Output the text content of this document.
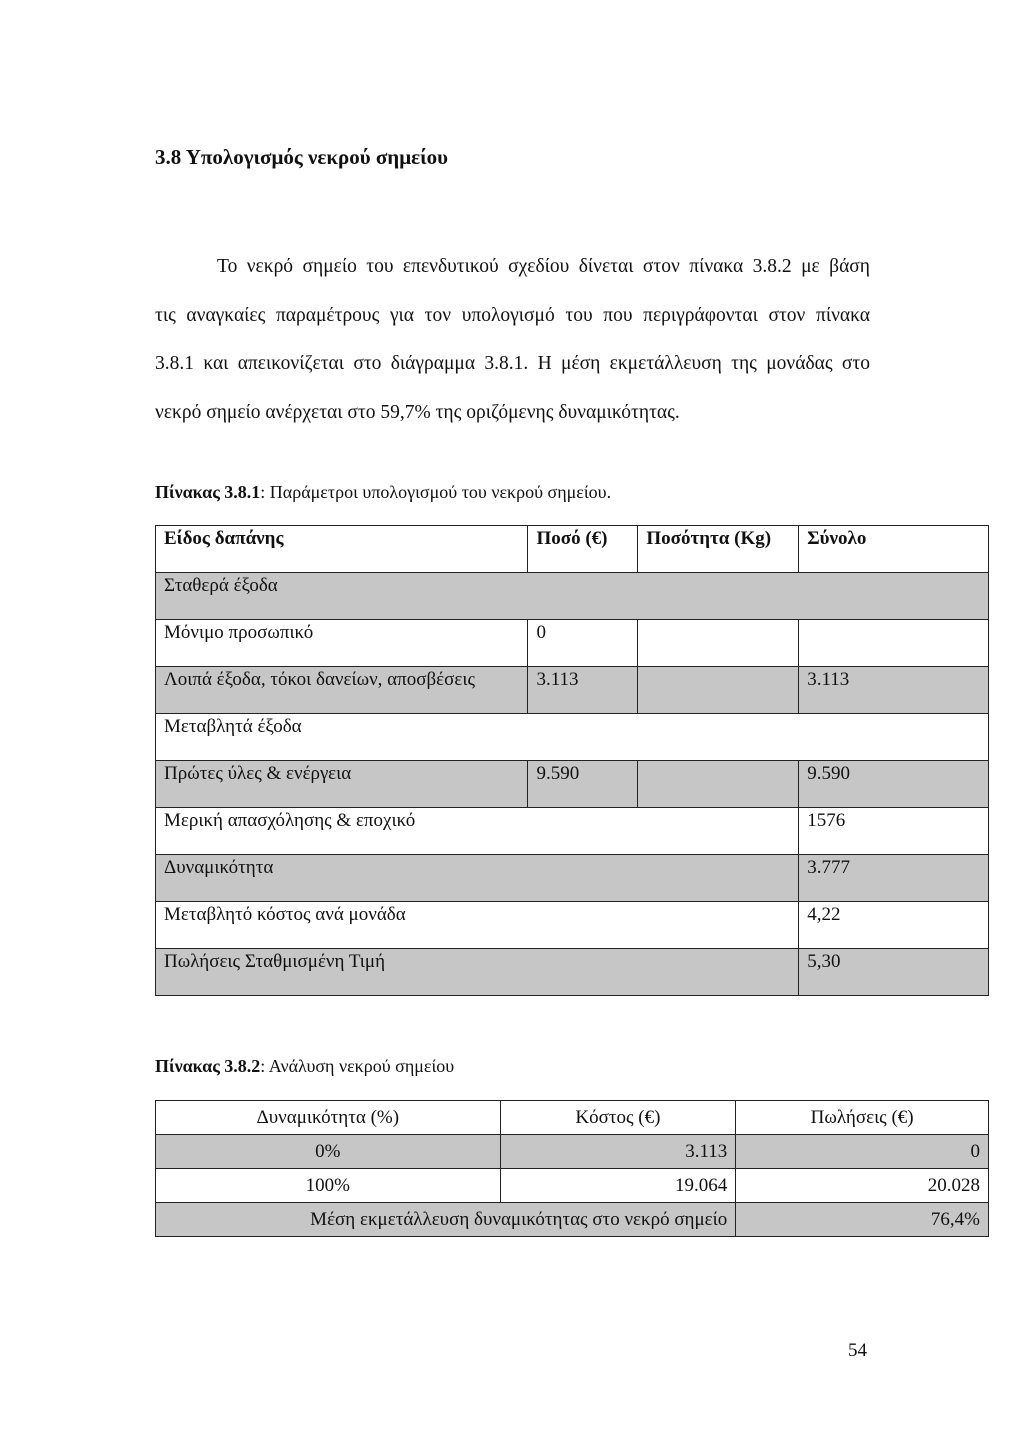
3.8 Υπολογισμός νεκρού σημείου
Το νεκρό σημείο του επενδυτικού σχεδίου δίνεται στον πίνακα 3.8.2 με βάση
τις αναγκαίες παραμέτρους για τον υπολογισμό του που περιγράφονται στον πίνακα
3.8.1 και απεικονίζεται στο διάγραμμα 3.8.1. Η μέση εκμετάλλευση της μονάδας στο
νεκρό σημείο ανέρχεται στο 59,7% της οριζόμενης δυναμικότητας.
Πίνακας 3.8.1: Παράμετροι υπολογισμού του νεκρού σημείου.
Είδος δαπάνης	Ποσό (€)	Ποσότητα (Kg)	Σύνολο
Σταθερά έξοδα			
Μόνιμο προσωπικό	0		
Λοιπά έξοδα, τόκοι δανείων, αποσβέσεις	3.113		3.113
Μεταβλητά έξοδα			
Πρώτες ύλες & ενέργεια	9.590		9.590
Μερική απασχόλησης & εποχικό			1576
Δυναμικότητα			3.777
Μεταβλητό κόστος ανά μονάδα			4,22
Πωλήσεις Σταθμισμένη Τιμή			5,30
Πίνακας 3.8.2: Ανάλυση νεκρού σημείου
Δυναμικότητα (%)	Κόστος (€)	Πωλήσεις (€)
0%	3.113	0
100%	19.064	20.028
Μέση εκμετάλλευση δυναμικότητας στο νεκρό σημείο		76,4%
54
